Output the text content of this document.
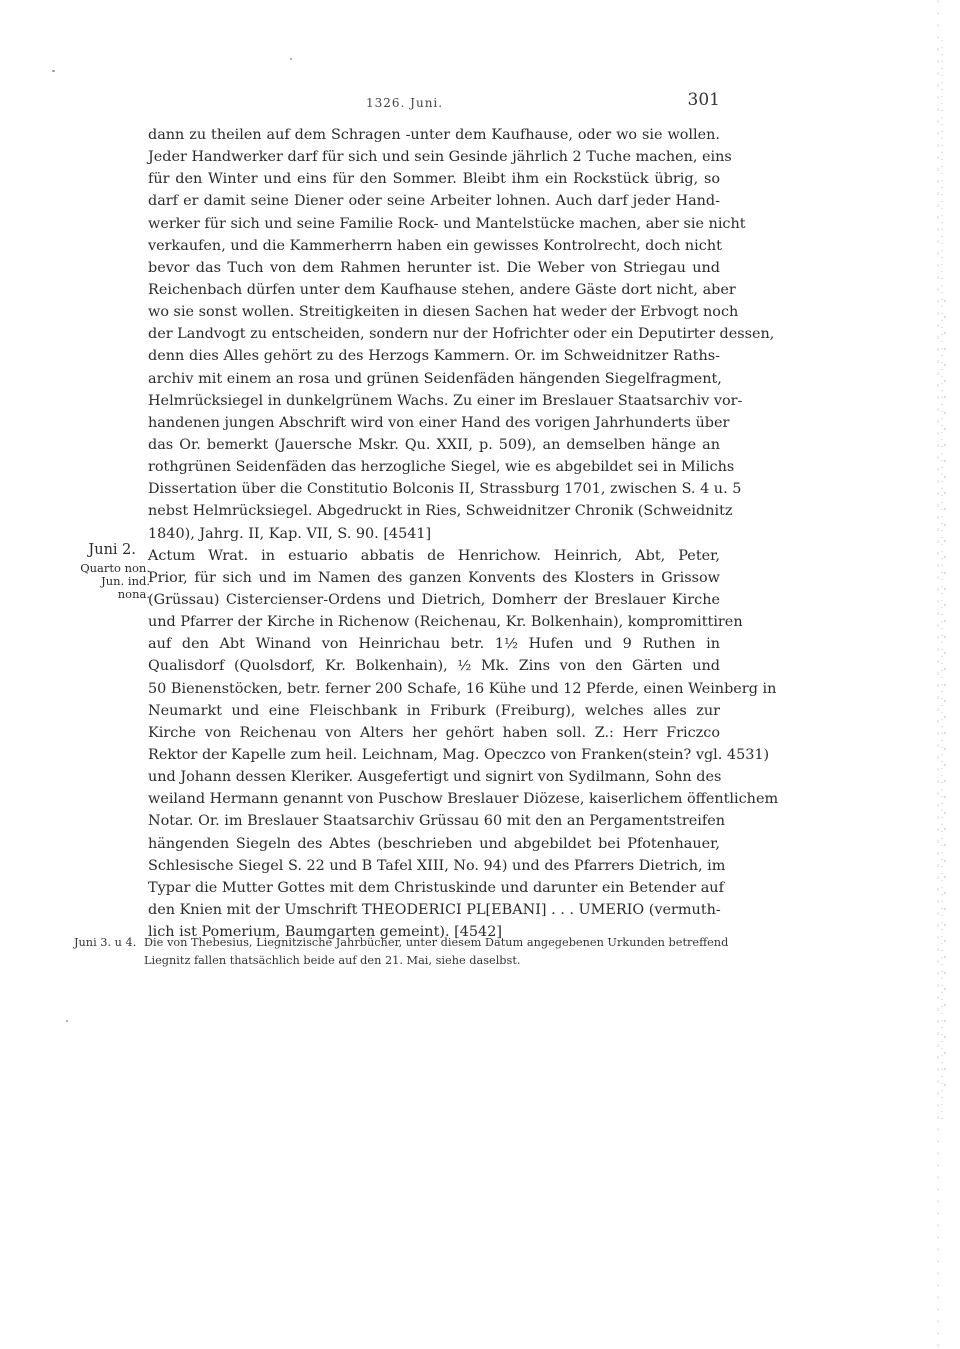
1326. Juni.	301
dann zu theilen auf dem Schragen -unter dem Kaufhause, oder wo sie wollen.
Jeder Handwerker darf für sich und sein Gesinde jährlich 2 Tuche machen, eins
für den Winter und eins für den Sommer. Bleibt ihm ein Rockstück übrig, so
darf er damit seine Diener oder seine Arbeiter lohnen. Auch darf jeder Hand-
werker für sich und seine Familie Rock- und Mantelstücke machen, aber sie nicht
verkaufen, und die Kammerherrn haben ein gewisses Kontrolrecht, doch nicht
bevor das Tuch von dem Rahmen herunter ist. Die Weber von Striegau und
Reichenbach dürfen unter dem Kaufhause stehen, andere Gäste dort nicht, aber
wo sie sonst wollen. Streitigkeiten in diesen Sachen hat weder der Erbvogt noch
der Landvogt zu entscheiden, sondern nur der Hofrichter oder ein Deputirter dessen,
denn dies Alles gehört zu des Herzogs Kammern. Or. im Schweidnitzer Raths-
archiv mit einem an rosa und grünen Seidenfäden hängenden Siegelfragment,
Helmrücksiegel in dunkelgrünem Wachs. Zu einer im Breslauer Staatsarchiv vor-
handenen jungen Abschrift wird von einer Hand des vorigen Jahrhunderts über
das Or. bemerkt (Jauersche Mskr. Qu. XXII, p. 509), an demselben hänge an
rothgrünen Seidenfäden das herzogliche Siegel, wie es abgebildet sei in Milichs
Dissertation über die Constitutio Bolconis II, Strassburg 1701, zwischen S. 4 u. 5
nebst Helmrücksiegel. Abgedruckt in Ries, Schweidnitzer Chronik (Schweidnitz
1840), Jahrg. II, Kap. VII, S. 90. [4541]
Actum Wrat. in estuario abbatis de Henrichow. Heinrich, Abt, Peter,
Prior, für sich und im Namen des ganzen Konvents des Klosters in Grissow
(Grüssau) Cistercienser-Ordens und Dietrich, Domherr der Breslauer Kirche
und Pfarrer der Kirche in Richenow (Reichenau, Kr. Bolkenhain), kompromittiren
auf den Abt Winand von Heinrichau betr. 1½ Hufen und 9 Ruthen in
Qualisdorf (Quolsdorf, Kr. Bolkenhain), ½ Mk. Zins von den Gärten und
50 Bienenstöcken, betr. ferner 200 Schafe, 16 Kühe und 12 Pferde, einen Weinberg in
Neumarkt und eine Fleischbank in Friburk (Freiburg), welches alles zur
Kirche von Reichenau von Alters her gehört haben soll. Z.: Herr Friczco
Rektor der Kapelle zum heil. Leichnam, Mag. Opeczco von Franken(stein? vgl. 4531)
und Johann dessen Kleriker. Ausgefertigt und signirt von Sydilmann, Sohn des
weiland Hermann genannt von Puschow Breslauer Diözese, kaiserlichem öffentlichem
Notar. Or. im Breslauer Staatsarchiv Grüssau 60 mit den an Pergamentstreifen
hängenden Siegeln des Abtes (beschrieben und abgebildet bei Pfotenhauer,
Schlesische Siegel S. 22 und B Tafel XIII, No. 94) und des Pfarrers Dietrich, im
Typar die Mutter Gottes mit dem Christuskinde und darunter ein Betender auf
den Knien mit der Umschrift THEODERICI PL[EBANI] . . . UMERIO (vermuth-
lich ist Pomerium, Baumgarten gemeint). [4542]
Juni 2.
Quarto non.
Jun. ind.
nona.
Juni 3. u 4. Die von Thebesius, Liegnitzische Jahrbücher, unter diesem Datum angegebenen Urkunden betreffend
Liegnitz fallen thatsächlich beide auf den 21. Mai, siehe daselbst.
